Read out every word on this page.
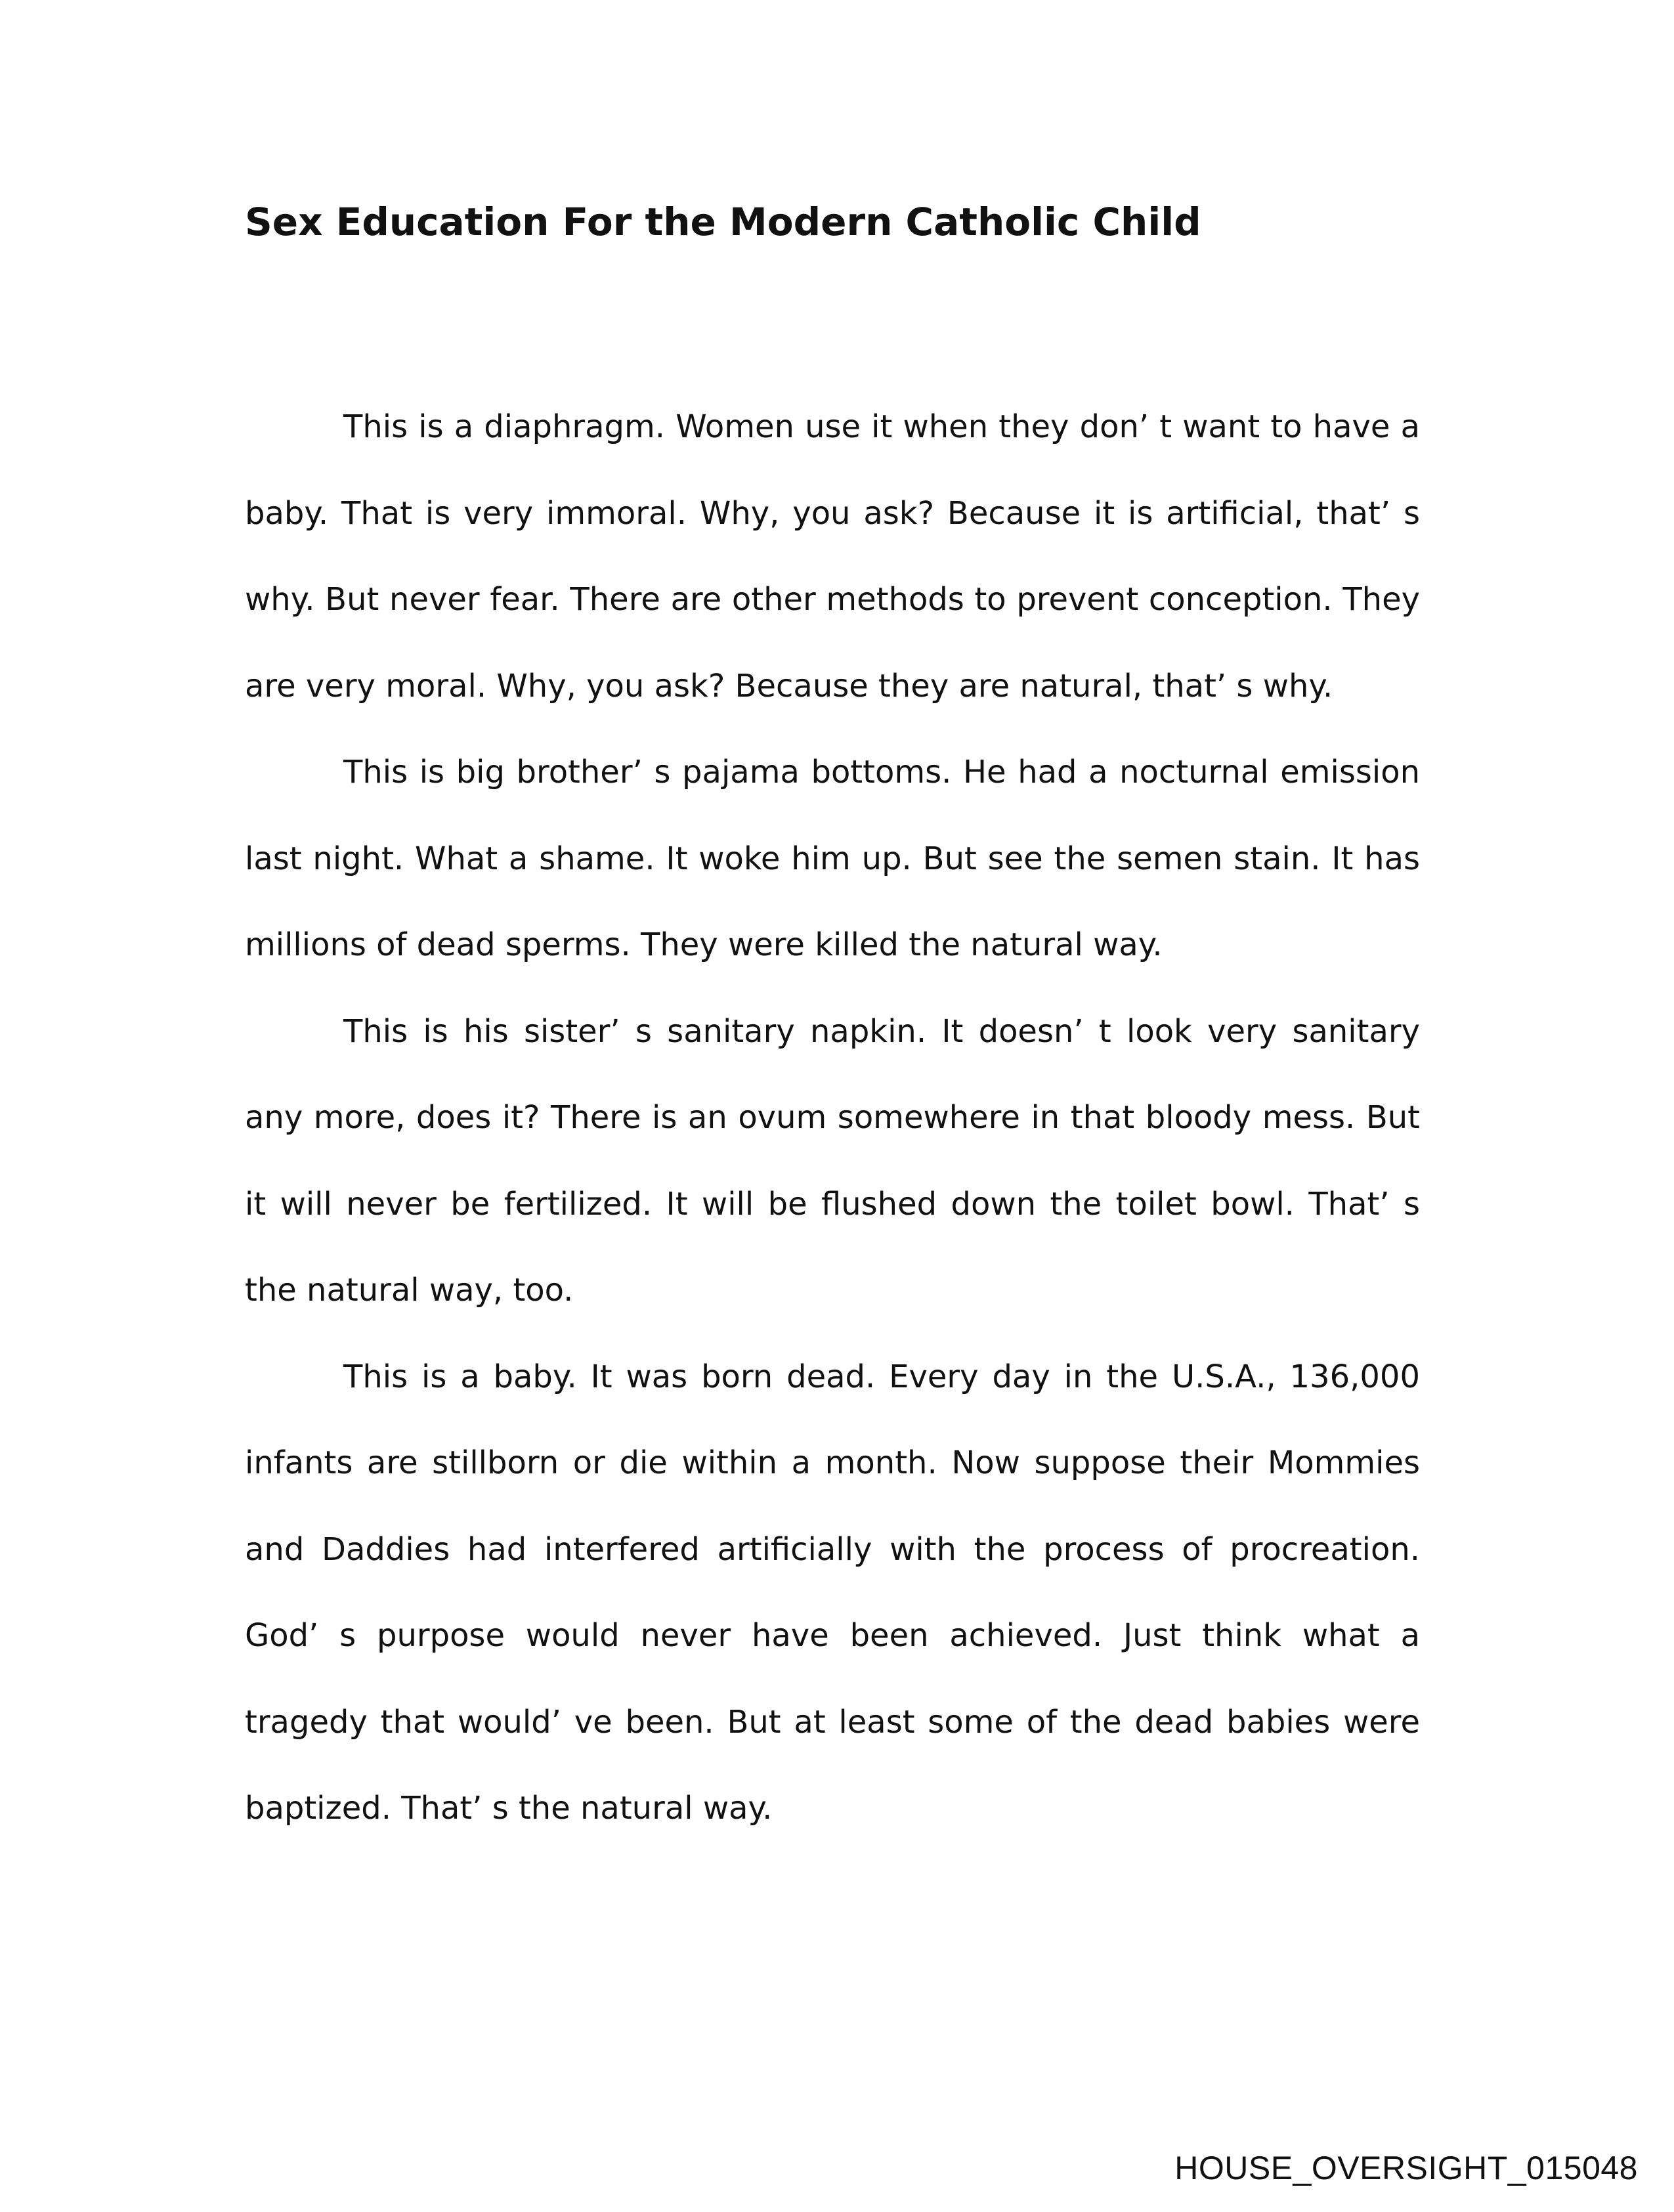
Sex Education For the Modern Catholic Child

This is a diaphragm. Women use it when they don’ t want to have a baby. That is very immoral. Why, you ask? Because it is artificial, that’ s why. But never fear. There are other methods to prevent conception. They are very moral. Why, you ask? Because they are natural, that’ s why.

This is big brother’ s pajama bottoms. He had a nocturnal emission last night. What a shame. It woke him up. But see the semen stain. It has millions of dead sperms. They were killed the natural way.

This is his sister’ s sanitary napkin. It doesn’ t look very sanitary any more, does it? There is an ovum somewhere in that bloody mess. But it will never be fertilized. It will be flushed down the toilet bowl. That’ s the natural way, too.

This is a baby. It was born dead. Every day in the U.S.A., 136,000 infants are stillborn or die within a month. Now suppose their Mommies and Daddies had interfered artificially with the process of procreation. God’ s purpose would never have been achieved. Just think what a tragedy that would’ ve been. But at least some of the dead babies were baptized. That’ s the natural way.

HOUSE_OVERSIGHT_015048
